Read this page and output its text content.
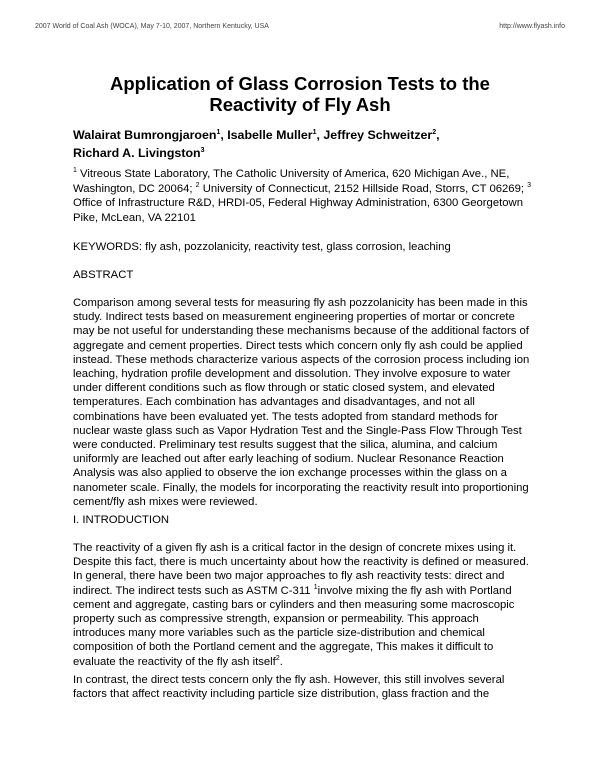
2007 World of Coal Ash (WOCA), May 7-10, 2007, Northern Kentucky, USA	http://www.flyash.info
Application of Glass Corrosion Tests to the
Reactivity of Fly Ash
Walairat Bumrongjaroen$^1$, Isabelle Muller$^1$, Jeffrey Schweitzer$^2$,
Richard A. Livingston$^3$
$^1$ Vitreous State Laboratory, The Catholic University of America, 620 Michigan Ave., NE, Washington, DC 20064; $^2$ University of Connecticut, 2152 Hillside Road, Storrs, CT 06269; $^3$ Office of Infrastructure R&D, HRDI-05, Federal Highway Administration, 6300 Georgetown Pike, McLean, VA 22101

KEYWORDS: fly ash, pozzolanicity, reactivity test, glass corrosion, leaching

ABSTRACT

Comparison among several tests for measuring fly ash pozzolanicity has been made in this study. Indirect tests based on measurement engineering properties of mortar or concrete may be not useful for understanding these mechanisms because of the additional factors of aggregate and cement properties. Direct tests which concern only fly ash could be applied instead. These methods characterize various aspects of the corrosion process including ion leaching, hydration profile development and dissolution. They involve exposure to water under different conditions such as flow through or static closed system, and elevated temperatures. Each combination has advantages and disadvantages, and not all combinations have been evaluated yet. The tests adopted from standard methods for nuclear waste glass such as Vapor Hydration Test and the Single-Pass Flow Through Test were conducted. Preliminary test results suggest that the silica, alumina, and calcium uniformly are leached out after early leaching of sodium. Nuclear Resonance Reaction Analysis was also applied to observe the ion exchange processes within the glass on a nanometer scale. Finally, the models for incorporating the reactivity result into proportioning cement/fly ash mixes were reviewed.

I. INTRODUCTION

The reactivity of a given fly ash is a critical factor in the design of concrete mixes using it. Despite this fact, there is much uncertainty about how the reactivity is defined or measured. In general, there have been two major approaches to fly ash reactivity tests: direct and indirect. The indirect tests such as ASTM C-311 $^1$involve mixing the fly ash with Portland cement and aggregate, casting bars or cylinders and then measuring some macroscopic property such as compressive strength, expansion or permeability. This approach introduces many more variables such as the particle size-distribution and chemical composition of both the Portland cement and the aggregate, This makes it difficult to evaluate the reactivity of the fly ash itself$^2$.

In contrast, the direct tests concern only the fly ash. However, this still involves several factors that affect reactivity including particle size distribution, glass fraction and the
